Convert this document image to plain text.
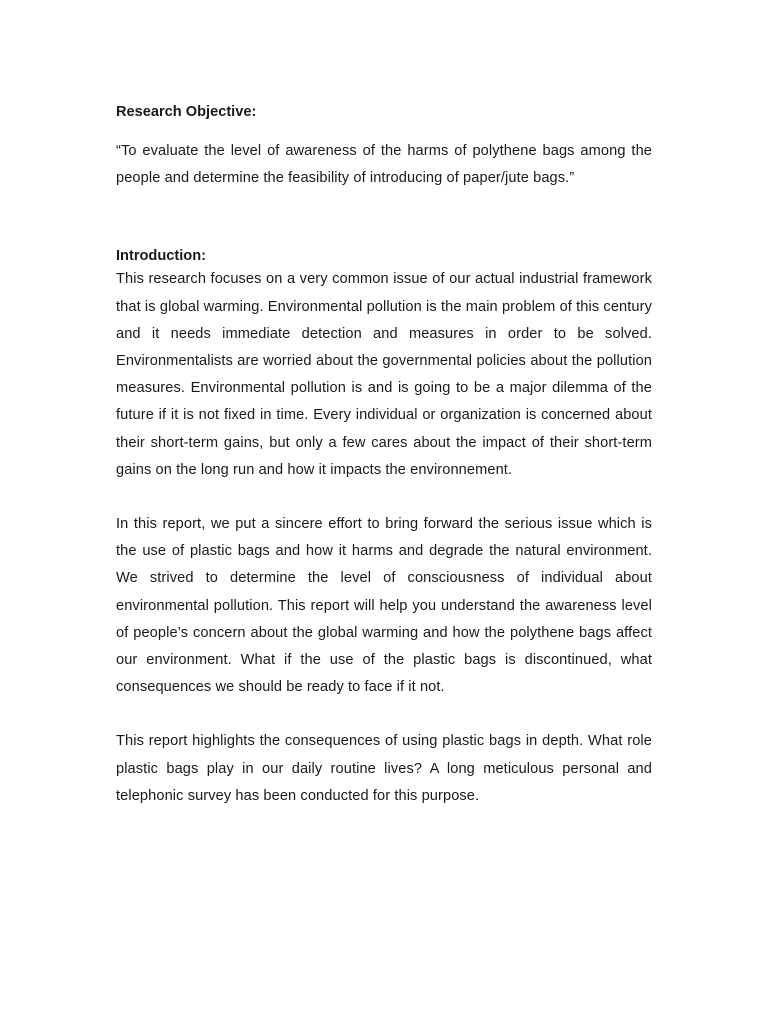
Research Objective:

“To evaluate the level of awareness of the harms of polythene bags among the people and determine the feasibility of introducing of paper/jute bags.”

Introduction:

This research focuses on a very common issue of our actual industrial framework that is global warming. Environmental pollution is the main problem of this century and it needs immediate detection and measures in order to be solved. Environmentalists are worried about the governmental policies about the pollution measures. Environmental pollution is and is going to be a major dilemma of the future if it is not fixed in time. Every individual or organization is concerned about their short-term gains, but only a few cares about the impact of their short-term gains on the long run and how it impacts the environnement.

In this report, we put a sincere effort to bring forward the serious issue which is the use of plastic bags and how it harms and degrade the natural environment. We strived to determine the level of consciousness of individual about environmental pollution. This report will help you understand the awareness level of people’s concern about the global warming and how the polythene bags affect our environment. What if the use of the plastic bags is discontinued, what consequences we should be ready to face if it not.

This report highlights the consequences of using plastic bags in depth. What role plastic bags play in our daily routine lives? A long meticulous personal and telephonic survey has been conducted for this purpose.
